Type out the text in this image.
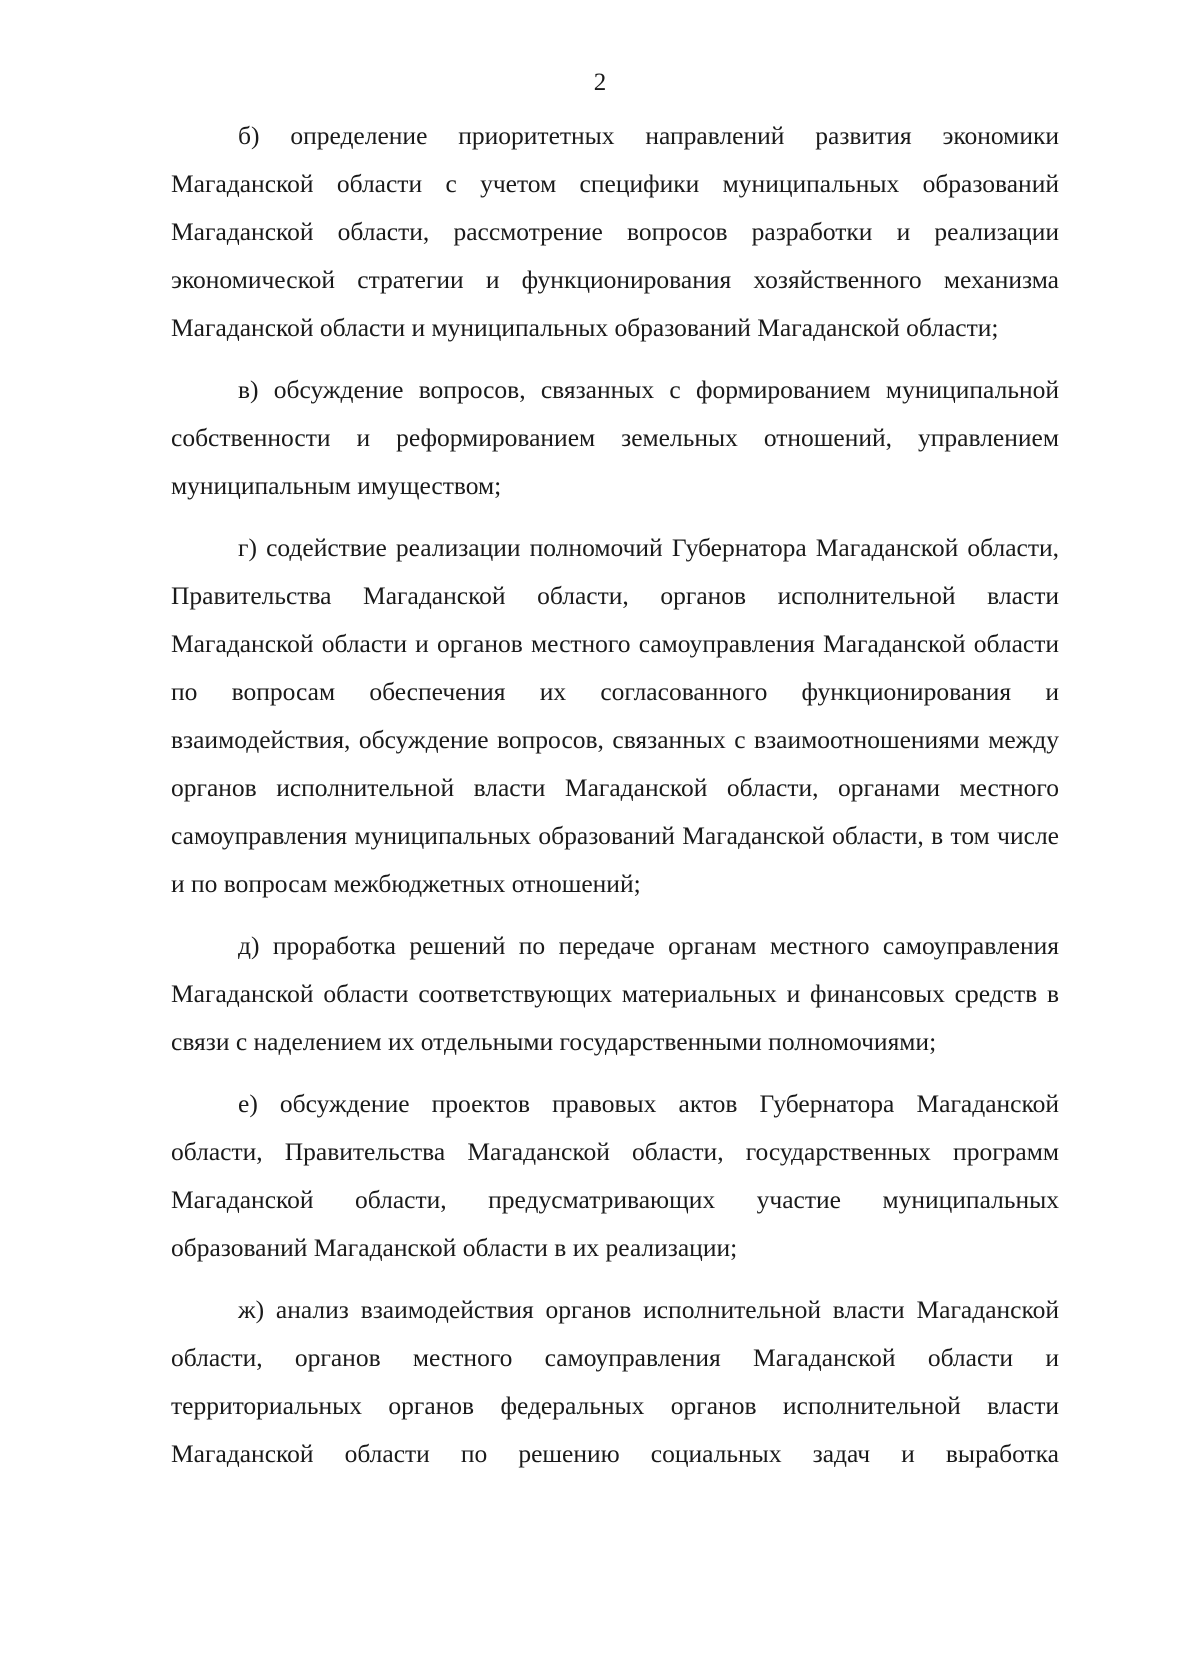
2

б) определение приоритетных направлений развития экономики Магаданской области с учетом специфики муниципальных образований Магаданской области, рассмотрение вопросов разработки и реализации экономической стратегии и функционирования хозяйственного механизма Магаданской области и муниципальных образований Магаданской области;

в) обсуждение вопросов, связанных с формированием муниципальной собственности и реформированием земельных отношений, управлением муниципальным имуществом;

г) содействие реализации полномочий Губернатора Магаданской области, Правительства Магаданской области, органов исполнительной власти Магаданской области и органов местного самоуправления Магаданской области по вопросам обеспечения их согласованного функционирования и взаимодействия, обсуждение вопросов, связанных с взаимоотношениями между органов исполнительной власти Магаданской области, органами местного самоуправления муниципальных образований Магаданской области, в том числе и по вопросам межбюджетных отношений;

д) проработка решений по передаче органам местного самоуправления Магаданской области соответствующих материальных и финансовых средств в связи с наделением их отдельными государственными полномочиями;

е) обсуждение проектов правовых актов Губернатора Магаданской области, Правительства Магаданской области, государственных программ Магаданской области, предусматривающих участие муниципальных образований Магаданской области в их реализации;

ж) анализ взаимодействия органов исполнительной власти Магаданской области, органов местного самоуправления Магаданской области и территориальных органов федеральных органов исполнительной власти Магаданской области по решению социальных задач и выработка
